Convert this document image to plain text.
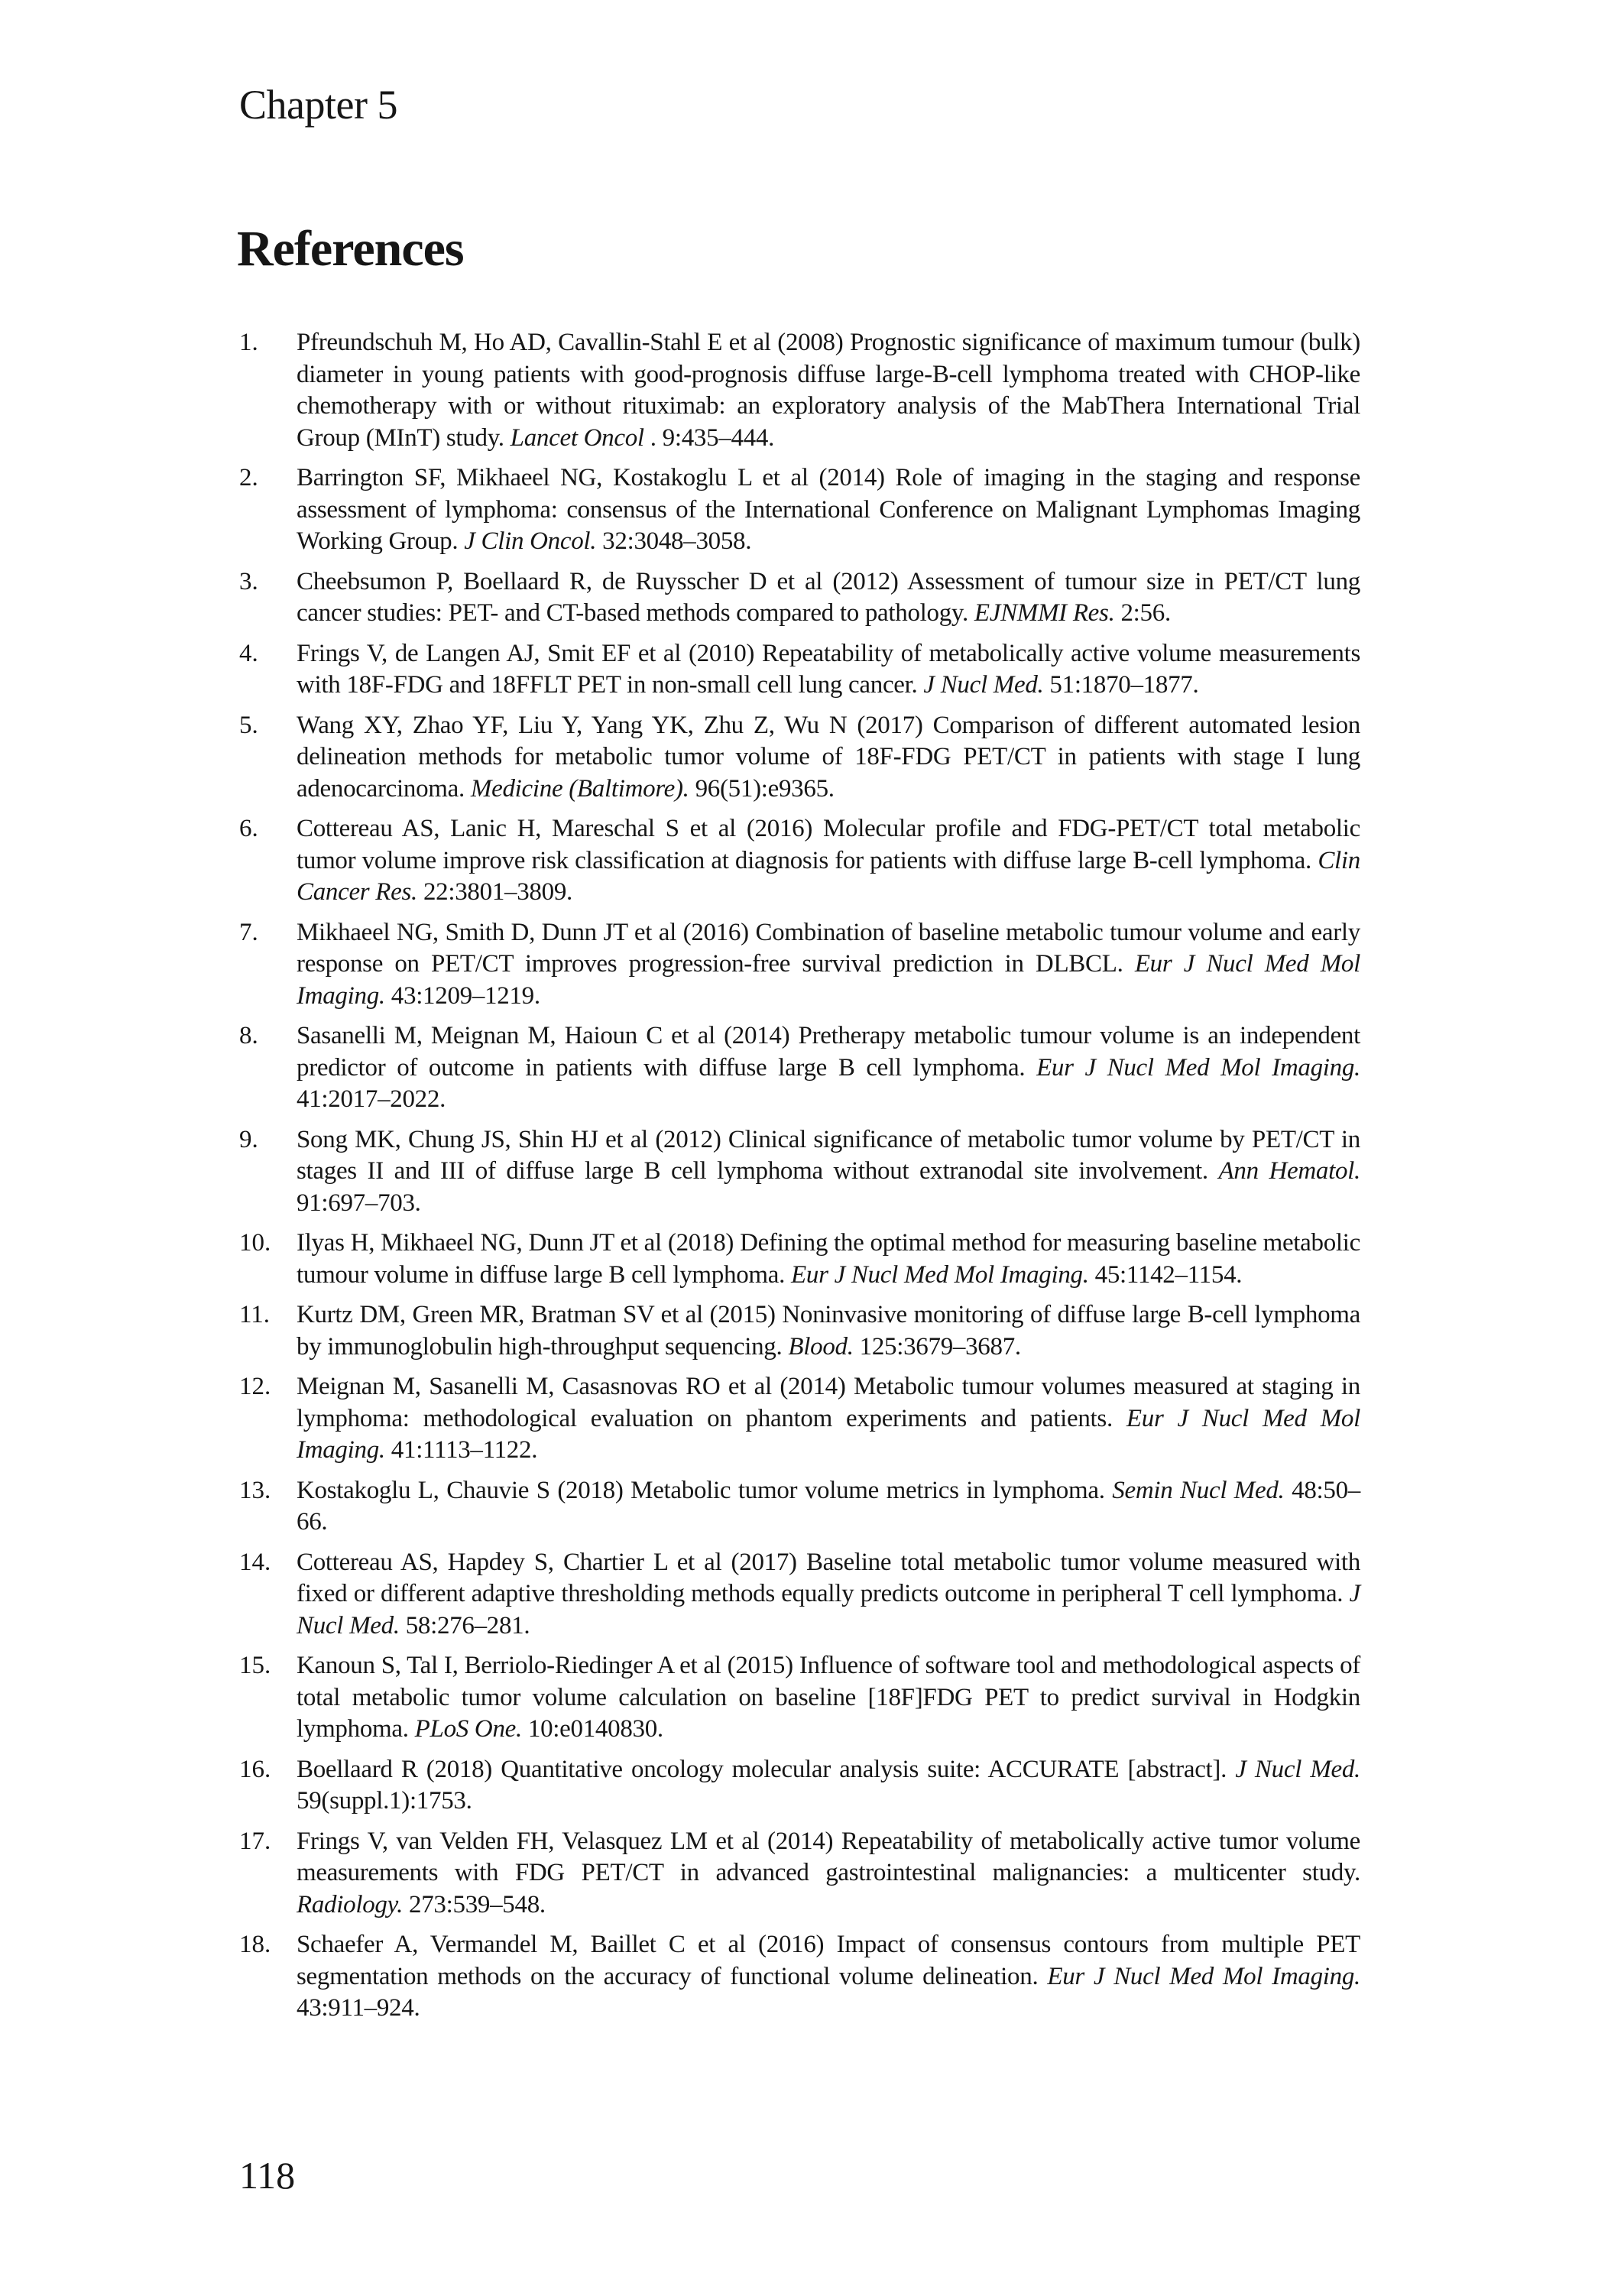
Chapter 5
References
1.	Pfreundschuh M, Ho AD, Cavallin-Stahl E et al (2008) Prognostic significance of maximum tumour (bulk) diameter in young patients with good-prognosis diffuse large-B-cell lymphoma treated with CHOP-like chemotherapy with or without rituximab: an exploratory analysis of the MabThera International Trial Group (MInT) study. Lancet Oncol . 9:435–444.
2.	Barrington SF, Mikhaeel NG, Kostakoglu L et al (2014) Role of imaging in the staging and response assessment of lymphoma: consensus of the International Conference on Malignant Lymphomas Imaging Working Group. J Clin Oncol. 32:3048–3058.
3.	Cheebsumon P, Boellaard R, de Ruysscher D et al (2012) Assessment of tumour size in PET/CT lung cancer studies: PET- and CT-based methods compared to pathology. EJNMMI Res. 2:56.
4.	Frings V, de Langen AJ, Smit EF et al (2010) Repeatability of metabolically active volume measurements with 18F-FDG and 18FFLT PET in non-small cell lung cancer. J Nucl Med. 51:1870–1877.
5.	Wang XY, Zhao YF, Liu Y, Yang YK, Zhu Z, Wu N (2017) Comparison of different automated lesion delineation methods for metabolic tumor volume of 18F-FDG PET/CT in patients with stage I lung adenocarcinoma. Medicine (Baltimore). 96(51):e9365.
6.	Cottereau AS, Lanic H, Mareschal S et al (2016) Molecular profile and FDG-PET/CT total metabolic tumor volume improve risk classification at diagnosis for patients with diffuse large B-cell lymphoma. Clin Cancer Res. 22:3801–3809.
7.	Mikhaeel NG, Smith D, Dunn JT et al (2016) Combination of baseline metabolic tumour volume and early response on PET/CT improves progression-free survival prediction in DLBCL. Eur J Nucl Med Mol Imaging. 43:1209–1219.
8.	Sasanelli M, Meignan M, Haioun C et al (2014) Pretherapy metabolic tumour volume is an independent predictor of outcome in patients with diffuse large B cell lymphoma. Eur J Nucl Med Mol Imaging. 41:2017–2022.
9.	Song MK, Chung JS, Shin HJ et al (2012) Clinical significance of metabolic tumor volume by PET/CT in stages II and III of diffuse large B cell lymphoma without extranodal site involvement. Ann Hematol. 91:697–703.
10.	Ilyas H, Mikhaeel NG, Dunn JT et al (2018) Defining the optimal method for measuring baseline metabolic tumour volume in diffuse large B cell lymphoma. Eur J Nucl Med Mol Imaging. 45:1142–1154.
11.	Kurtz DM, Green MR, Bratman SV et al (2015) Noninvasive monitoring of diffuse large B-cell lymphoma by immunoglobulin high-throughput sequencing. Blood. 125:3679–3687.
12.	Meignan M, Sasanelli M, Casasnovas RO et al (2014) Metabolic tumour volumes measured at staging in lymphoma: methodological evaluation on phantom experiments and patients. Eur J Nucl Med Mol Imaging. 41:1113–1122.
13.	Kostakoglu L, Chauvie S (2018) Metabolic tumor volume metrics in lymphoma. Semin Nucl Med. 48:50–66.
14.	Cottereau AS, Hapdey S, Chartier L et al (2017) Baseline total metabolic tumor volume measured with fixed or different adaptive thresholding methods equally predicts outcome in peripheral T cell lymphoma. J Nucl Med. 58:276–281.
15.	Kanoun S, Tal I, Berriolo-Riedinger A et al (2015) Influence of software tool and methodological aspects of total metabolic tumor volume calculation on baseline [18F]FDG PET to predict survival in Hodgkin lymphoma. PLoS One. 10:e0140830.
16.	Boellaard R (2018) Quantitative oncology molecular analysis suite: ACCURATE [abstract]. J Nucl Med. 59(suppl.1):1753.
17.	Frings V, van Velden FH, Velasquez LM et al (2014) Repeatability of metabolically active tumor volume measurements with FDG PET/CT in advanced gastrointestinal malignancies: a multicenter study. Radiology. 273:539–548.
18.	Schaefer A, Vermandel M, Baillet C et al (2016) Impact of consensus contours from multiple PET segmentation methods on the accuracy of functional volume delineation. Eur J Nucl Med Mol Imaging. 43:911–924.
118
